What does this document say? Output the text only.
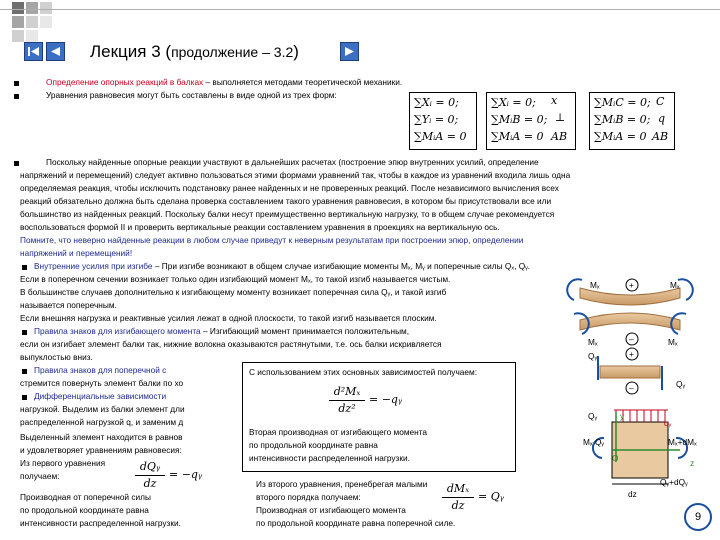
Лекция 3 (продолжение – 3.2)
Определение опорных реакций в балках – выполняется методами теоретической механики.
Уравнения равновесия могут быть составлены в виде одной из трех форм:
∑Xᵢ = 0;
∑Yᵢ = 0;
∑MᵢA = 0
∑Xᵢ = 0;
∑MᵢB = 0;
∑MᵢA = 0
x
⊥
AB
∑MᵢC = 0;
∑MᵢB = 0;
∑MᵢA = 0
C
q
AB
Поскольку найденные опорные реакции участвуют в дальнейших расчетах (построение эпюр внутренних усилий, определение
напряжений и перемещений) следует активно пользоваться этими формами уравнений так, чтобы в каждое из уравнений входила лишь одна
определяемая реакция, чтобы исключить подстановку ранее найденных и не проверенных реакций. После независимого вычисления всех
реакций обязательно должна быть сделана проверка составлением такого уравнения равновесия, в котором бы присутствовали все или
большинство из найденных реакций. Поскольку балки несут преимущественно вертикальную нагрузку, то в общем случае рекомендуется
воспользоваться формой II и проверить вертикальные реакции составлением уравнения в проекциях на вертикальную ось.
Помните, что неверно найденные реакции в любом случае приведут к неверным результатам при построении эпюр, определении
напряжений и перемещений!
Внутренние усилия при изгибе – При изгибе возникают в общем случае изгибающие моменты Mₓ, Mᵧ и поперечные силы Qₓ, Qᵧ.
Если в поперечном сечении возникает только один изгибающий момент Mₓ, то такой изгиб называется чистым.
В большинстве случаев дополнительно к изгибающему моменту возникает поперечная сила Qᵧ, и такой изгиб
называется поперечным.
Если внешняя нагрузка и реактивные усилия лежат в одной плоскости, то такой изгиб называется плоским.
Правила знаков для изгибающего момента – Изгибающий момент принимается положительным,
если он изгибает элемент балки так, нижние волокна оказываются растянутыми, т.е. ось балки искривляется
выпуклостью вниз.
Правила знаков для поперечной с
стремится повернуть элемент балки по хо
Дифференциальные зависимости
нагрузкой. Выделим из балки элемент дли
распределенной нагрузкой q, и заменим д
Выделенный элемент находится в равнов
и удовлетворяет уравнениям равновесия:
Из первого уравнения
получаем:
dQᵧ
dz
= −qᵧ
Производная от поперечной силы
по продольной координате равна
интенсивности распределенной нагрузки.
С использованием этих основных зависимостей получаем:
d²Mₓ
dz²
= −qᵧ
Вторая производная от изгибающего момента
по продольной координате равна
интенсивности распределенной нагрузки.
Из второго уравнения, пренебрегая малыми
второго порядка получаем:
dMₓ
dz
= Qᵧ
Производная от изгибающего момента
по продольной координате равна поперечной силе.
Mₓ	+	Mₓ
Mₓ	–	Mₓ
Qᵧ	+
Qᵧ
–
Qᵧ	y
qᵧ
Mₓ Qᵧ	Mₓ+dMₓ
O	z
Qᵧ+dQᵧ
dz
9
